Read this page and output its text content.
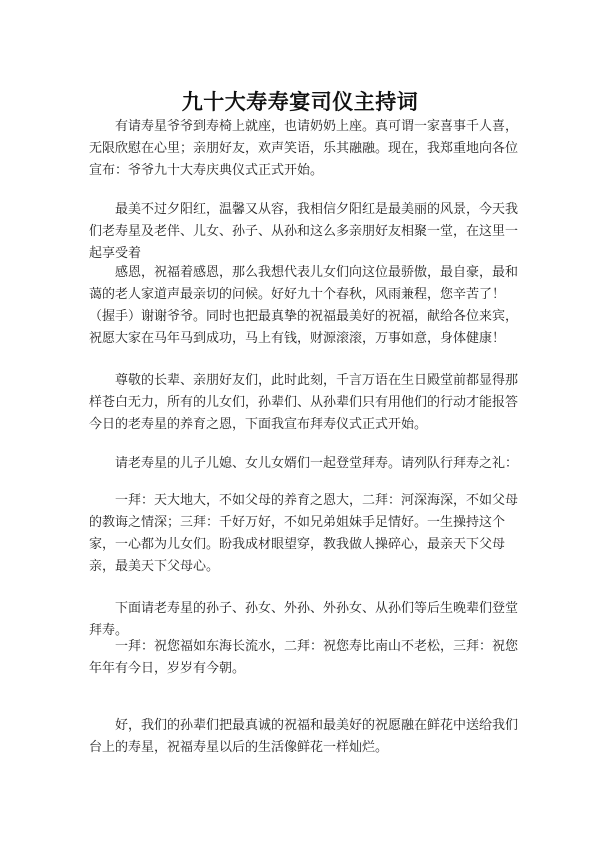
九十大寿寿宴司仪主持词

有请寿星爷爷到寿椅上就座，也请奶奶上座。真可谓一家喜事千人喜，无限欣慰在心里；亲朋好友，欢声笑语，乐其融融。现在，我郑重地向各位宣布：爷爷九十大寿庆典仪式正式开始。

最美不过夕阳红，温馨又从容，我相信夕阳红是最美丽的风景，今天我们老寿星及老伴、儿女、孙子、从孙和这么多亲朋好友相聚一堂，在这里一起享受着

感恩，祝福着感恩，那么我想代表儿女们向这位最骄傲，最自豪，最和蔼的老人家道声最亲切的问候。好好九十个春秋，风雨兼程，您辛苦了！（握手）谢谢爷爷。同时也把最真挚的祝福最美好的祝福，献给各位来宾，祝愿大家在马年马到成功，马上有钱，财源滚滚，万事如意，身体健康！

尊敬的长辈、亲朋好友们，此时此刻，千言万语在生日殿堂前都显得那样苍白无力，所有的儿女们，孙辈们、从孙辈们只有用他们的行动才能报答今日的老寿星的养育之恩，下面我宣布拜寿仪式正式开始。

请老寿星的儿子儿媳、女儿女婿们一起登堂拜寿。请列队行拜寿之礼：

一拜：天大地大，不如父母的养育之恩大，二拜：河深海深，不如父母的教诲之情深；三拜：千好万好，不如兄弟姐妹手足情好。一生操持这个家，一心都为儿女们。盼我成材眼望穿，教我做人操碎心，最亲天下父母亲，最美天下父母心。

下面请老寿星的孙子、孙女、外孙、外孙女、从孙们等后生晚辈们登堂拜寿。

一拜：祝您福如东海长流水，二拜：祝您寿比南山不老松，三拜：祝您年年有今日，岁岁有今朝。

好，我们的孙辈们把最真诚的祝福和最美好的祝愿融在鲜花中送给我们台上的寿星，祝福寿星以后的生活像鲜花一样灿烂。
